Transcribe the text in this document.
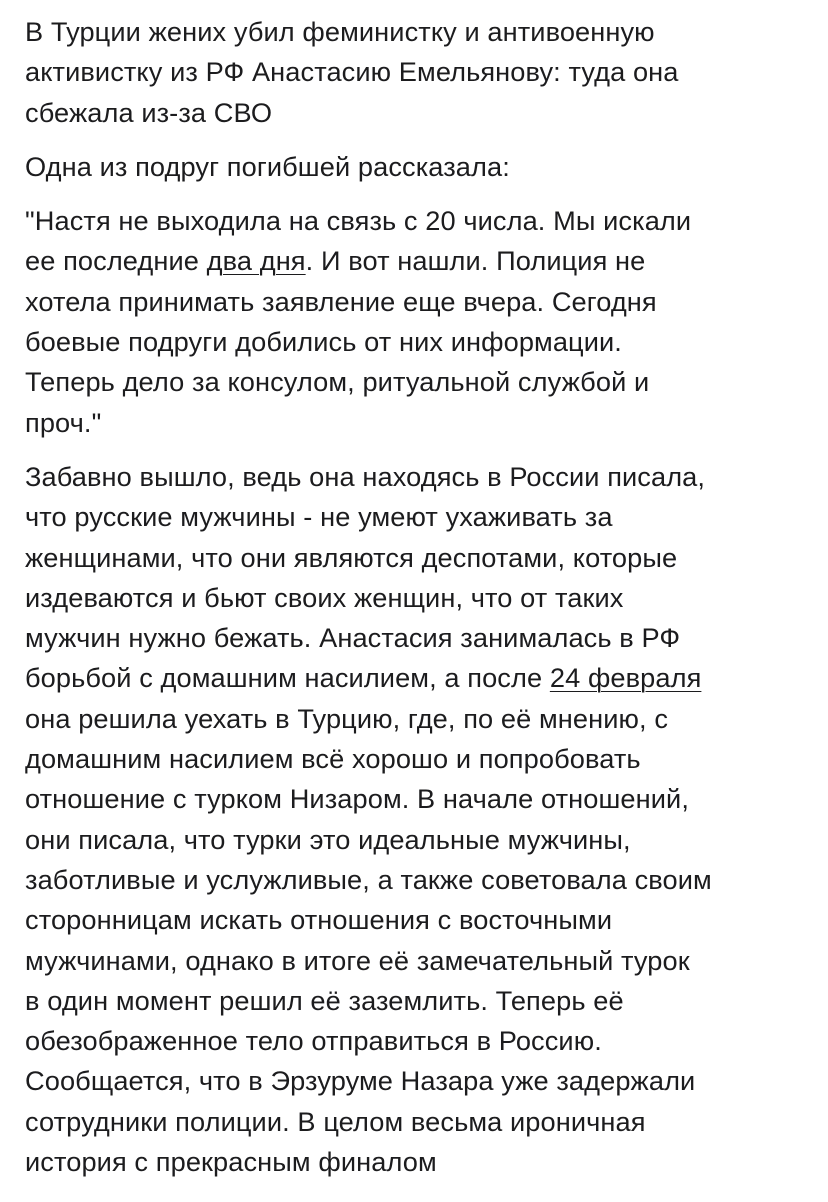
В Турции жених убил феминистку и антивоенную
активистку из РФ Анастасию Емельянову: туда она
сбежала из-за СВО

Одна из подруг погибшей рассказала:

"Настя не выходила на связь с 20 числа. Мы искали
ее последние два дня. И вот нашли. Полиция не
хотела принимать заявление еще вчера. Сегодня
боевые подруги добились от них информации.
Теперь дело за консулом, ритуальной службой и
проч."

Забавно вышло, ведь она находясь в России писала,
что русские мужчины - не умеют ухаживать за
женщинами, что они являются деспотами, которые
издеваются и бьют своих женщин, что от таких
мужчин нужно бежать. Анастасия занималась в РФ
борьбой с домашним насилием, а после 24 февраля
она решила уехать в Турцию, где, по её мнению, с
домашним насилием всё хорошо и попробовать
отношение с турком Низаром. В начале отношений,
они писала, что турки это идеальные мужчины,
заботливые и услужливые, а также советовала своим
сторонницам искать отношения с восточными
мужчинами, однако в итоге её замечательный турок
в один момент решил её заземлить. Теперь её
обезображенное тело отправиться в Россию.
Сообщается, что в Эрзуруме Назара уже задержали
сотрудники полиции. В целом весьма ироничная
история с прекрасным финалом
